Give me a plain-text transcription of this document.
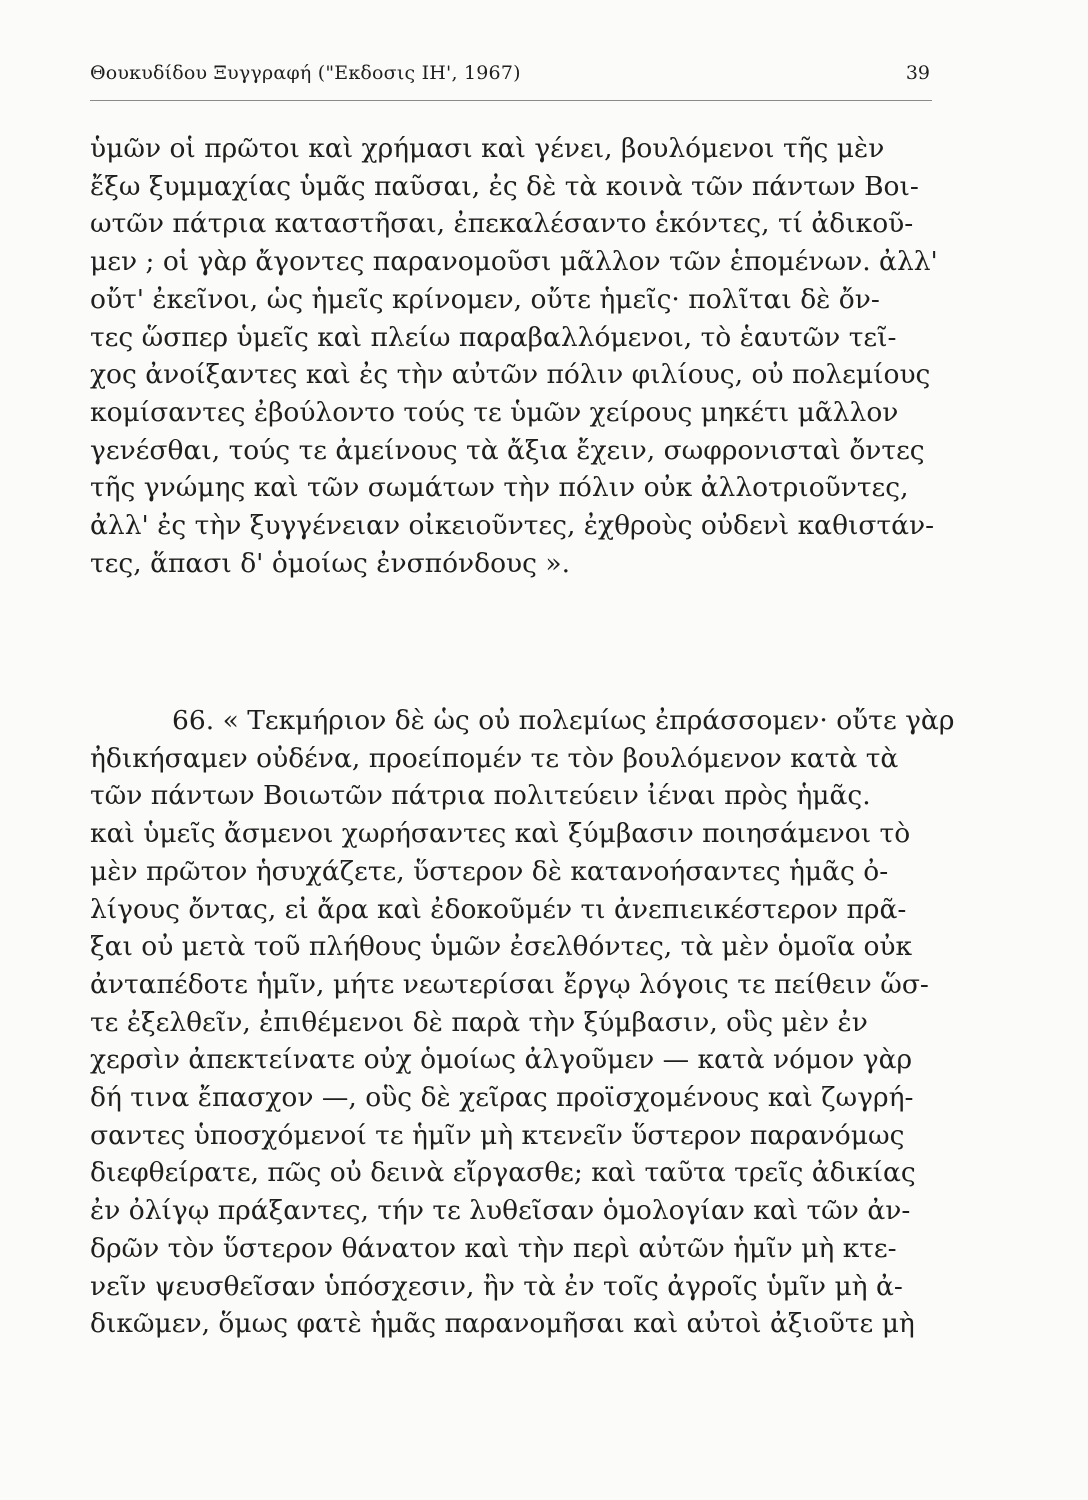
Θουκυδίδου Ξυγγραφή ("Εκδοσις ΙΗ', 1967)	39
ὑμῶν οἱ πρῶτοι καὶ χρήμασι καὶ γένει, βουλόμενοι τῆς μὲν
ἔξω ξυμμαχίας ὑμᾶς παῦσαι, ἐς δὲ τὰ κοινὰ τῶν πάντων Βοι-
ωτῶν πάτρια καταστῆσαι, ἐπεκαλέσαντο ἑκόντες, τί ἀδικοῦ-
μεν ; οἱ γὰρ ἄγοντες παρανομοῦσι μᾶλλον τῶν ἑπομένων. ἀλλ'
οὔτ' ἐκεῖνοι, ὡς ἡμεῖς κρίνομεν, οὔτε ἡμεῖς· πολῖται δὲ ὄν-
τες ὥσπερ ὑμεῖς καὶ πλείω παραβαλλόμενοι, τὸ ἑαυτῶν τεῖ-
χος ἀνοίξαντες καὶ ἐς τὴν αὐτῶν πόλιν φιλίους, οὐ πολεμίους
κομίσαντες ἐβούλοντο τούς τε ὑμῶν χείρους μηκέτι μᾶλλον
γενέσθαι, τούς τε ἀμείνους τὰ ἄξια ἔχειν, σωφρονισταὶ ὄντες
τῆς γνώμης καὶ τῶν σωμάτων τὴν πόλιν οὐκ ἀλλοτριοῦντες,
ἀλλ' ἐς τὴν ξυγγένειαν οἰκειοῦντες, ἐχθροὺς οὐδενὶ καθιστάν-
τες, ἅπασι δ' ὁμοίως ἐνσπόνδους ».
66. « Τεκμήριον δὲ ὡς οὐ πολεμίως ἐπράσσομεν· οὔτε γὰρ
ἠδικήσαμεν οὐδένα, προείπομέν τε τὸν βουλόμενον κατὰ τὰ
τῶν πάντων Βοιωτῶν πάτρια πολιτεύειν ἰέναι πρὸς ἡμᾶς.
καὶ ὑμεῖς ἄσμενοι χωρήσαντες καὶ ξύμβασιν ποιησάμενοι τὸ
μὲν πρῶτον ἡσυχάζετε, ὕστερον δὲ κατανοήσαντες ἡμᾶς ὀ-
λίγους ὄντας, εἰ ἄρα καὶ ἐδοκοῦμέν τι ἀνεπιεικέστερον πρᾶ-
ξαι οὐ μετὰ τοῦ πλήθους ὑμῶν ἐσελθόντες, τὰ μὲν ὁμοῖα οὐκ
ἀνταπέδοτε ἡμῖν, μήτε νεωτερίσαι ἔργῳ λόγοις τε πείθειν ὥσ-
τε ἐξελθεῖν, ἐπιθέμενοι δὲ παρὰ τὴν ξύμβασιν, οὓς μὲν ἐν
χερσὶν ἀπεκτείνατε οὐχ ὁμοίως ἀλγοῦμεν — κατὰ νόμον γὰρ
δή τινα ἔπασχον —, οὓς δὲ χεῖρας προϊσχομένους καὶ ζωγρή-
σαντες ὑποσχόμενοί τε ἡμῖν μὴ κτενεῖν ὕστερον παρανόμως
διεφθείρατε, πῶς οὐ δεινὰ εἴργασθε; καὶ ταῦτα τρεῖς ἀδικίας
ἐν ὀλίγῳ πράξαντες, τήν τε λυθεῖσαν ὁμολογίαν καὶ τῶν ἀν-
δρῶν τὸν ὕστερον θάνατον καὶ τὴν περὶ αὐτῶν ἡμῖν μὴ κτε-
νεῖν ψευσθεῖσαν ὑπόσχεσιν, ἢν τὰ ἐν τοῖς ἀγροῖς ὑμῖν μὴ ἀ-
δικῶμεν, ὅμως φατὲ ἡμᾶς παρανομῆσαι καὶ αὐτοὶ ἀξιοῦτε μὴ
